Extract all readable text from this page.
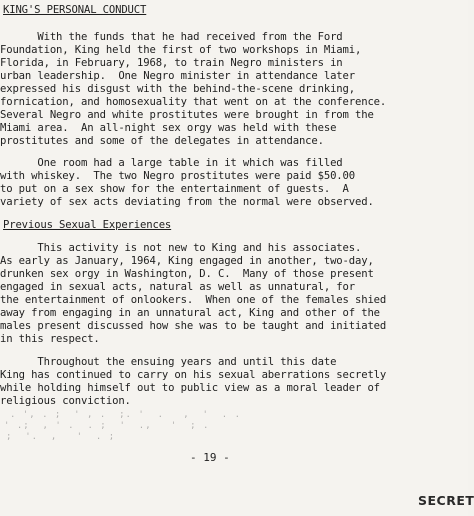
KING'S PERSONAL CONDUCT
With the funds that he had received from the Ford
Foundation, King held the first of two workshops in Miami,
Florida, in February, 1968, to train Negro ministers in
urban leadership.  One Negro minister in attendance later
expressed his disgust with the behind-the-scene drinking,
fornication, and homosexuality that went on at the conference.
Several Negro and white prostitutes were brought in from the
Miami area.  An all-night sex orgy was held with these
prostitutes and some of the delegates in attendance.
One room had a large table in it which was filled
with whiskey.  The two Negro prostitutes were paid $50.00
to put on a sex show for the entertainment of guests.  A
variety of sex acts deviating from the normal were observed.
Previous Sexual Experiences
This activity is not new to King and his associates.
As early as January, 1964, King engaged in another, two-day,
drunken sex orgy in Washington, D. C.  Many of those present
engaged in sexual acts, natural as well as unnatural, for
the entertainment of onlookers.  When one of the females shied
away from engaging in an unnatural act, King and other of the
males present discussed how she was to be taught and initiated
in this respect.
Throughout the ensuing years and until this date
King has continued to carry on his sexual aberrations secretly
while holding himself out to public view as a moral leader of
religious conviction.
. ', . ;  ' , .  ;. '  .   ,  '  . .
' .;  , ' .  . ;  '  .,   '  ; .
;  '.  ,   '  . ;
- 19 -
SECRET
